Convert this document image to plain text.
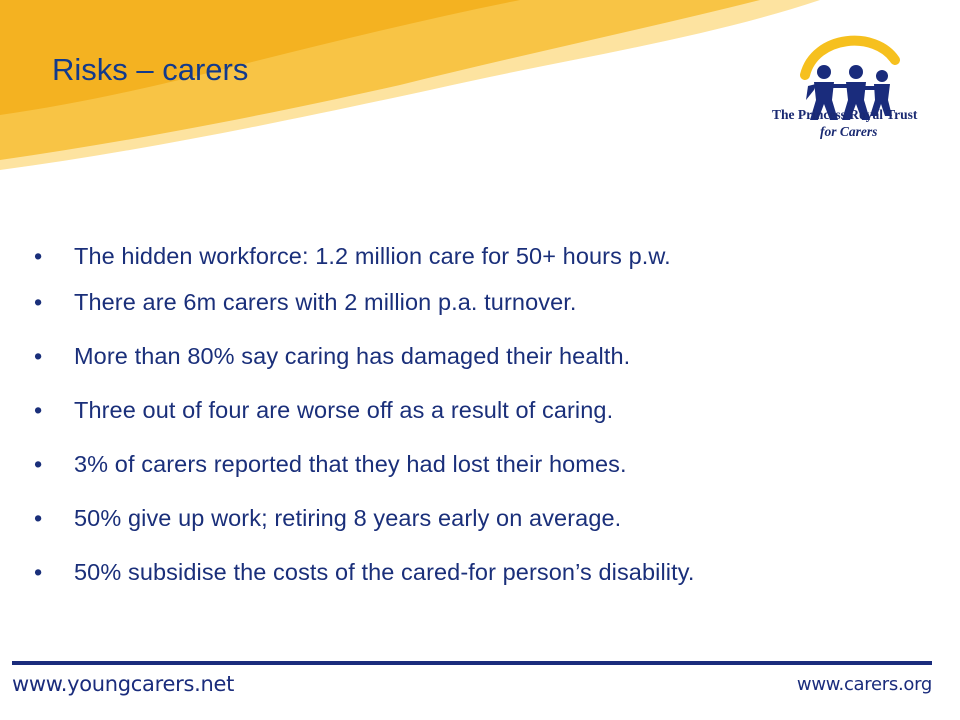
Risks – carers
The Princess Royal Trust
for Carers
• The hidden workforce: 1.2 million care for 50+ hours p.w.
• There are 6m carers with 2 million p.a. turnover.
• More than 80% say caring has damaged their health.
• Three out of four are worse off as a result of caring.
• 3% of carers reported that they had lost their homes.
• 50% give up work; retiring 8 years early on average.
• 50% subsidise the costs of the cared-for person’s disability.
www.youngcarers.net	www.carers.org
